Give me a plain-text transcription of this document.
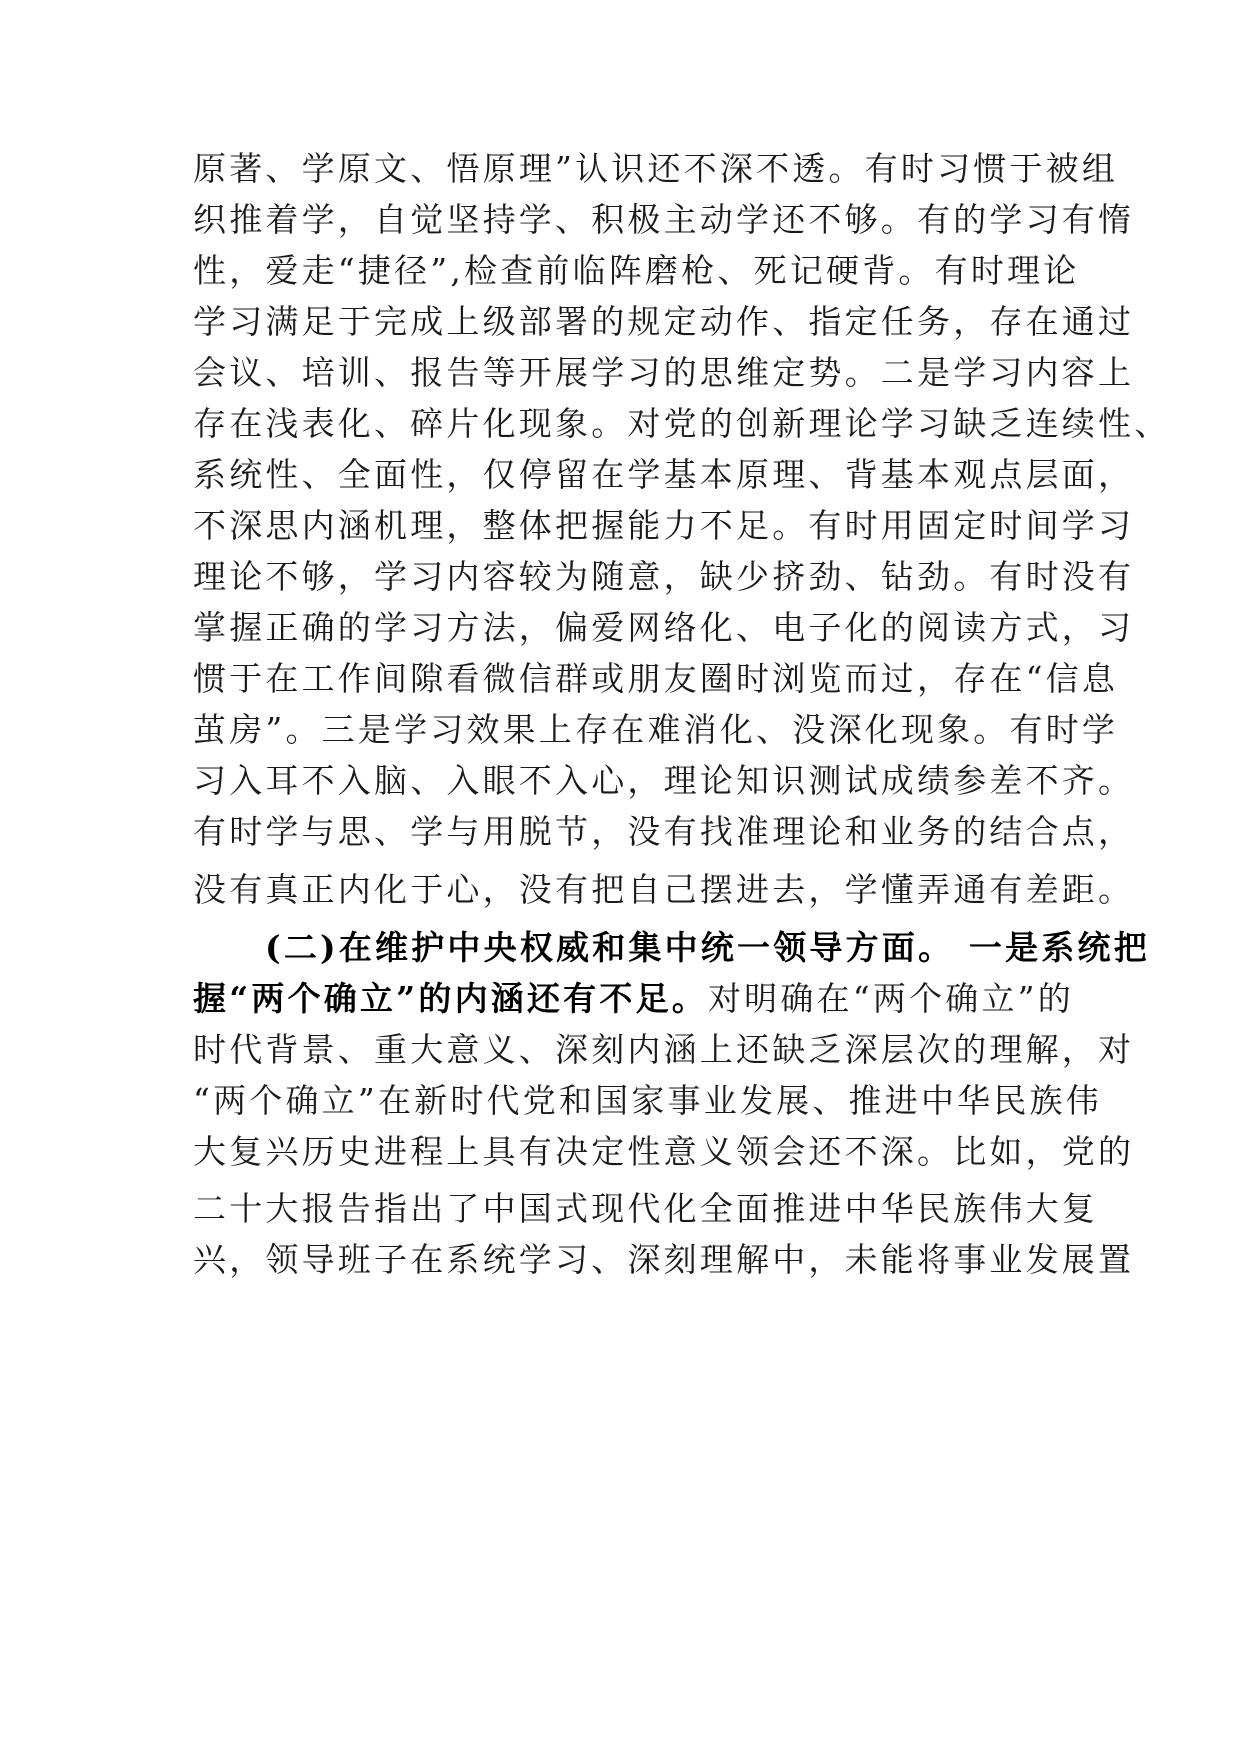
原著、学原文、悟原理”认识还不深不透。有时习惯于被组
织推着学，自觉坚持学、积极主动学还不够。有的学习有惰
性，爱走“捷径”,检查前临阵磨枪、死记硬背。有时理论
学习满足于完成上级部署的规定动作、指定任务，存在通过
会议、培训、报告等开展学习的思维定势。二是学习内容上
存在浅表化、碎片化现象。对党的创新理论学习缺乏连续性、
系统性、全面性，仅停留在学基本原理、背基本观点层面，
不深思内涵机理，整体把握能力不足。有时用固定时间学习
理论不够，学习内容较为随意，缺少挤劲、钻劲。有时没有
掌握正确的学习方法，偏爱网络化、电子化的阅读方式，习
惯于在工作间隙看微信群或朋友圈时浏览而过，存在“信息
茧房”。三是学习效果上存在难消化、没深化现象。有时学
习入耳不入脑、入眼不入心，理论知识测试成绩参差不齐。
有时学与思、学与用脱节，没有找准理论和业务的结合点，
没有真正内化于心，没有把自己摆进去，学懂弄通有差距。
(二)在维护中央权威和集中统一领导方面。 一是系统把
握“两个确立”的内涵还有不足。对明确在“两个确立”的
时代背景、重大意义、深刻内涵上还缺乏深层次的理解，对
“两个确立”在新时代党和国家事业发展、推进中华民族伟
大复兴历史进程上具有决定性意义领会还不深。比如，党的
二十大报告指出了中国式现代化全面推进中华民族伟大复
兴，领导班子在系统学习、深刻理解中，未能将事业发展置
